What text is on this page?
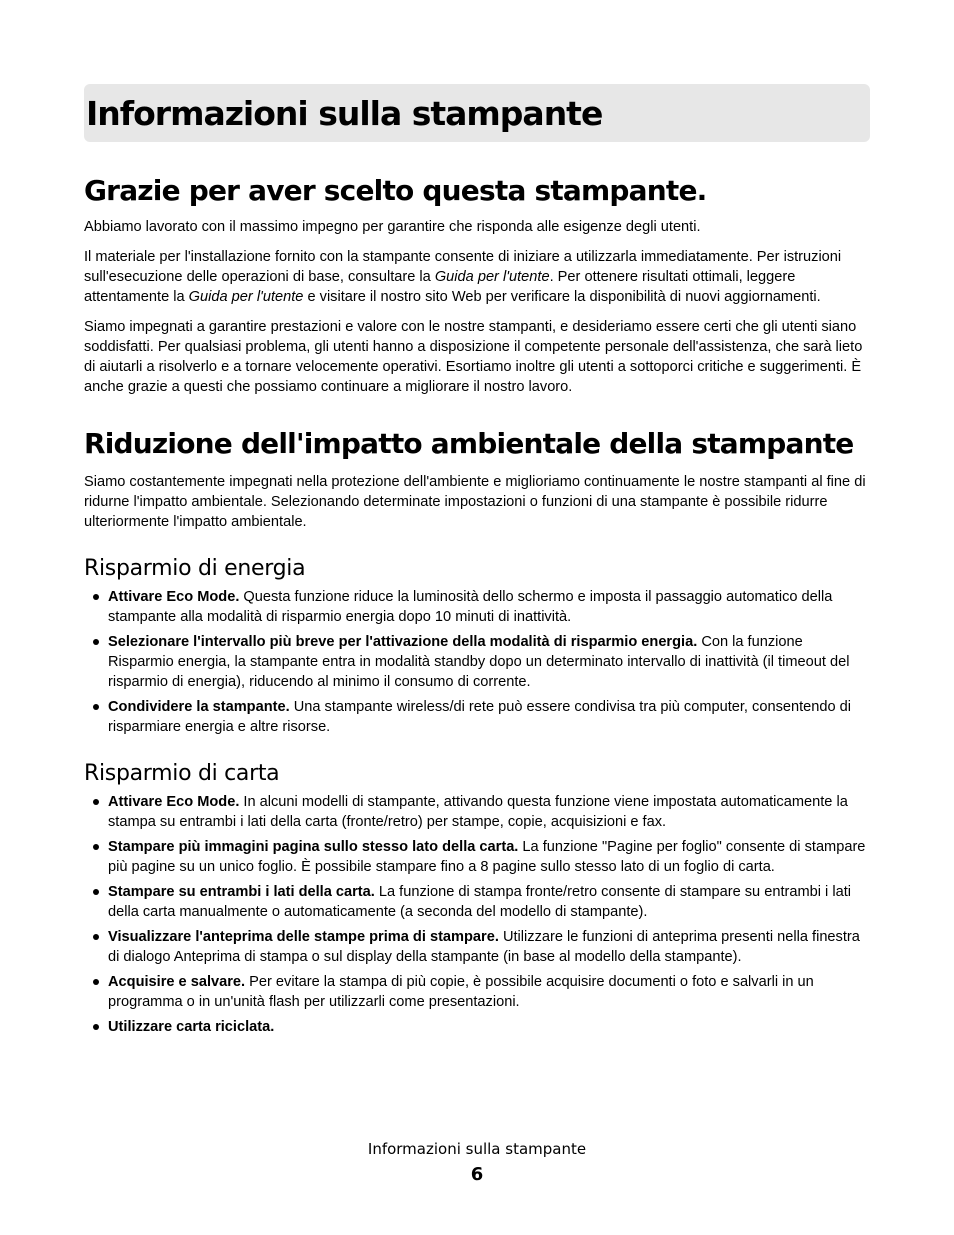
Informazioni sulla stampante
Grazie per aver scelto questa stampante.

Abbiamo lavorato con il massimo impegno per garantire che risponda alle esigenze degli utenti.

Il materiale per l'installazione fornito con la stampante consente di iniziare a utilizzarla immediatamente. Per istruzioni sull'esecuzione delle operazioni di base, consultare la Guida per l'utente. Per ottenere risultati ottimali, leggere attentamente la Guida per l'utente e visitare il nostro sito Web per verificare la disponibilità di nuovi aggiornamenti.

Siamo impegnati a garantire prestazioni e valore con le nostre stampanti, e desideriamo essere certi che gli utenti siano soddisfatti. Per qualsiasi problema, gli utenti hanno a disposizione il competente personale dell'assistenza, che sarà lieto di aiutarli a risolverlo e a tornare velocemente operativi. Esortiamo inoltre gli utenti a sottoporci critiche e suggerimenti. È anche grazie a questi che possiamo continuare a migliorare il nostro lavoro.

Riduzione dell'impatto ambientale della stampante

Siamo costantemente impegnati nella protezione dell'ambiente e miglioriamo continuamente le nostre stampanti al fine di ridurne l'impatto ambientale. Selezionando determinate impostazioni o funzioni di una stampante è possibile ridurre ulteriormente l'impatto ambientale.

Risparmio di energia
Attivare Eco Mode. Questa funzione riduce la luminosità dello schermo e imposta il passaggio automatico della stampante alla modalità di risparmio energia dopo 10 minuti di inattività.
Selezionare l'intervallo più breve per l'attivazione della modalità di risparmio energia. Con la funzione Risparmio energia, la stampante entra in modalità standby dopo un determinato intervallo di inattività (il timeout del risparmio di energia), riducendo al minimo il consumo di corrente.
Condividere la stampante. Una stampante wireless/di rete può essere condivisa tra più computer, consentendo di risparmiare energia e altre risorse.
Risparmio di carta
Attivare Eco Mode. In alcuni modelli di stampante, attivando questa funzione viene impostata automaticamente la stampa su entrambi i lati della carta (fronte/retro) per stampe, copie, acquisizioni e fax.
Stampare più immagini pagina sullo stesso lato della carta. La funzione "Pagine per foglio" consente di stampare più pagine su un unico foglio. È possibile stampare fino a 8 pagine sullo stesso lato di un foglio di carta.
Stampare su entrambi i lati della carta. La funzione di stampa fronte/retro consente di stampare su entrambi i lati della carta manualmente o automaticamente (a seconda del modello di stampante).
Visualizzare l'anteprima delle stampe prima di stampare. Utilizzare le funzioni di anteprima presenti nella finestra di dialogo Anteprima di stampa o sul display della stampante (in base al modello della stampante).
Acquisire e salvare. Per evitare la stampa di più copie, è possibile acquisire documenti o foto e salvarli in un programma o in un'unità flash per utilizzarli come presentazioni.
Utilizzare carta riciclata.
Informazioni sulla stampante
6
